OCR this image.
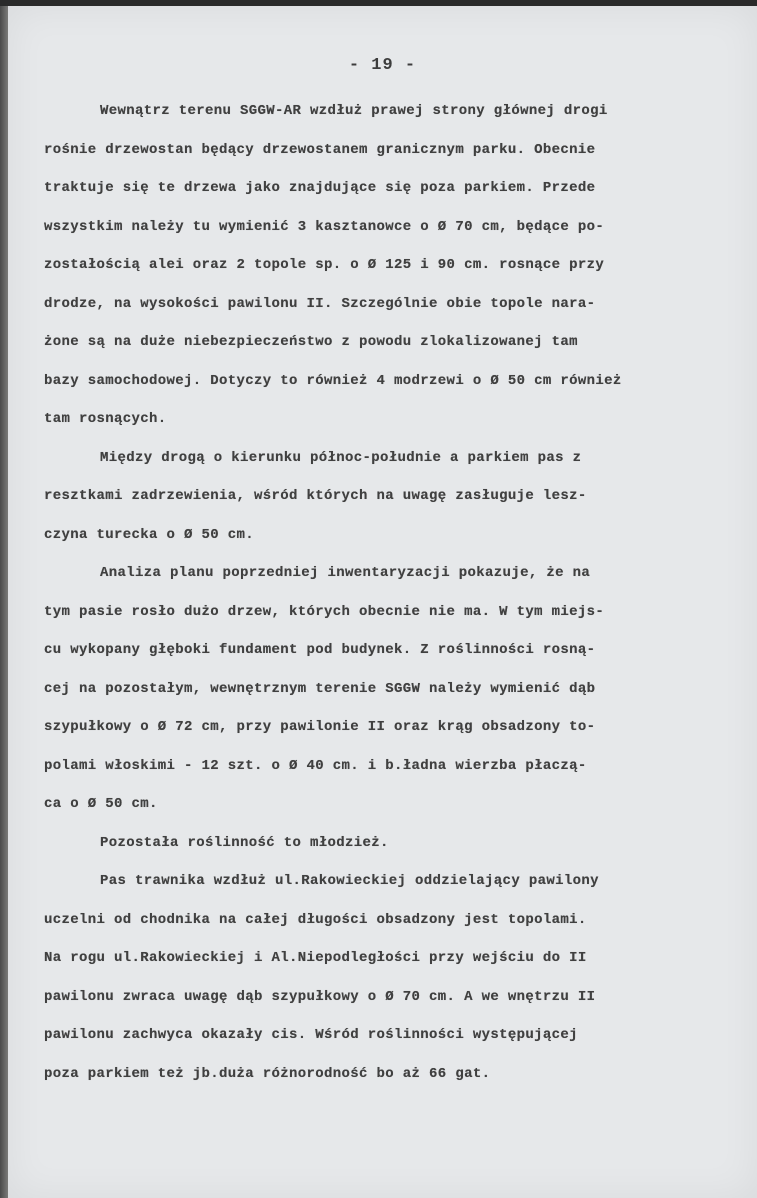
- 19 -

Wewnątrz terenu SGGW-AR wzdłuż prawej strony głównej drogi
rośnie drzewostan będący drzewostanem granicznym parku. Obecnie
traktuje się te drzewa jako znajdujące się poza parkiem. Przede
wszystkim należy tu wymienić 3 kasztanowce o Ø 70 cm, będące po-
zostałością alei oraz 2 topole sp. o Ø 125 i 90 cm. rosnące przy
drodze, na wysokości pawilonu II. Szczególnie obie topole nara-
żone są na duże niebezpieczeństwo z powodu zlokalizowanej tam
bazy samochodowej. Dotyczy to również 4 modrzewi o Ø 50 cm również
tam rosnących.

Między drogą o kierunku północ-południe a parkiem pas z
resztkami zadrzewienia, wśród których na uwagę zasługuje lesz-
czyna turecka o Ø 50 cm.

Analiza planu poprzedniej inwentaryzacji pokazuje, że na
tym pasie rosło dużo drzew, których obecnie nie ma. W tym miejs-
cu wykopany głęboki fundament pod budynek. Z roślinności rosną-
cej na pozostałym, wewnętrznym terenie SGGW należy wymienić dąb
szypułkowy o Ø 72 cm, przy pawilonie II oraz krąg obsadzony to-
polami włoskimi - 12 szt. o Ø 40 cm. i b.ładna wierzba płaczą-
ca o Ø 50 cm.

Pozostała roślinność to młodzież.

Pas trawnika wzdłuż ul.Rakowieckiej oddzielający pawilony
uczelni od chodnika na całej długości obsadzony jest topolami.
Na rogu ul.Rakowieckiej i Al.Niepodległości przy wejściu do II
pawilonu zwraca uwagę dąb szypułkowy o Ø 70 cm. A we wnętrzu II
pawilonu zachwyca okazały cis. Wśród roślinności występującej
poza parkiem też jb.duża różnorodność bo aż 66 gat.
